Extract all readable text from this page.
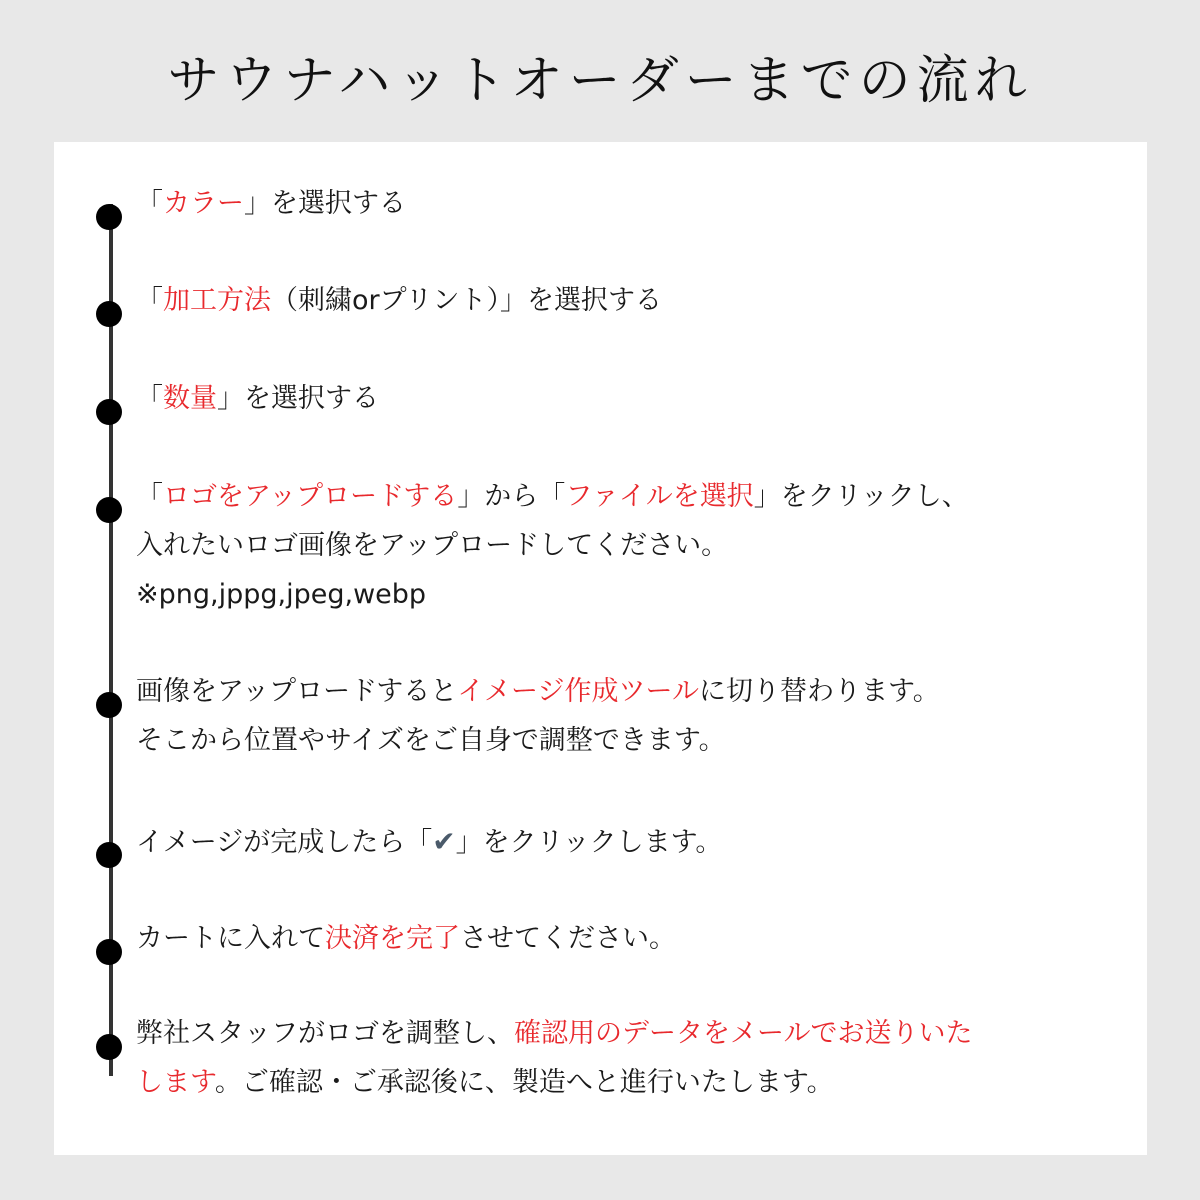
サウナハットオーダーまでの流れ
「カラー」を選択する
「加工方法（刺繍orプリント）」を選択する
「数量」を選択する
「ロゴをアップロードする」から「ファイルを選択」をクリックし、
入れたいロゴ画像をアップロードしてください。
※png,jppg,jpeg,webp
画像をアップロードするとイメージ作成ツールに切り替わります。
そこから位置やサイズをご自身で調整できます。
イメージが完成したら「✔」をクリックします。
カートに入れて決済を完了させてください。
弊社スタッフがロゴを調整し、確認用のデータをメールでお送りいた
します。ご確認・ご承認後に、製造へと進行いたします。
